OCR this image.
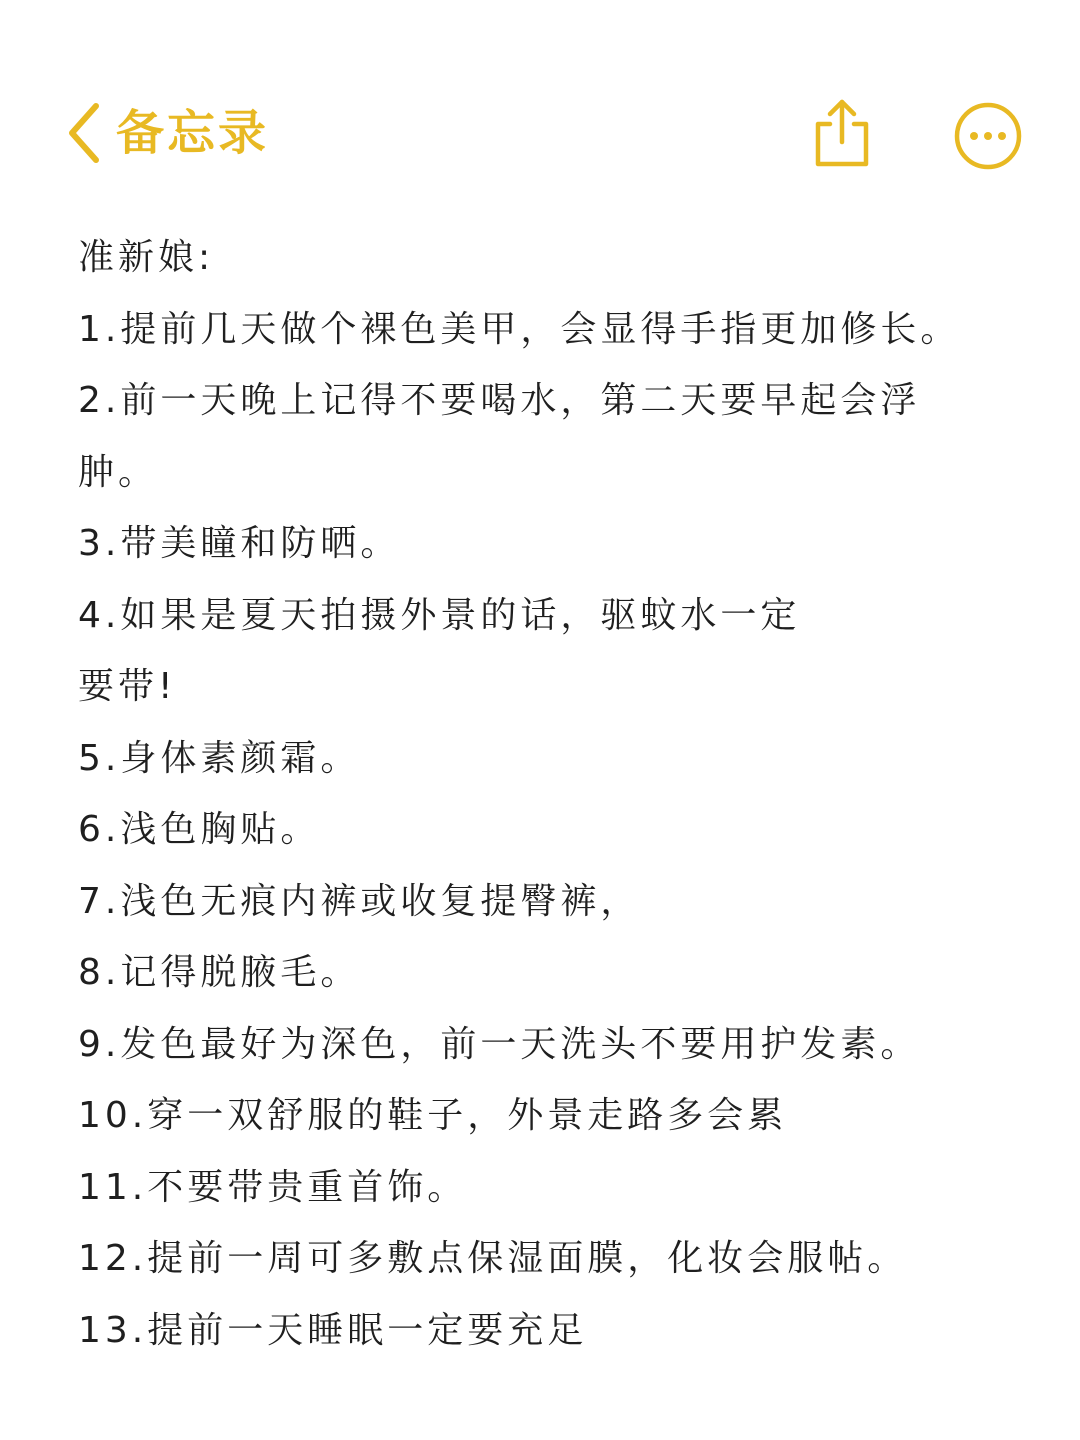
备忘录
准新娘:
1.提前几天做个裸色美甲，会显得手指更加修长。
2.前一天晚上记得不要喝水，第二天要早起会浮
肿。
3.带美瞳和防晒。
4.如果是夏天拍摄外景的话，驱蚊水一定
要带!
5.身体素颜霜。
6.浅色胸贴。
7.浅色无痕内裤或收复提臀裤，
8.记得脱腋毛。
9.发色最好为深色，前一天洗头不要用护发素。
10.穿一双舒服的鞋子，外景走路多会累
11.不要带贵重首饰。
12.提前一周可多敷点保湿面膜，化妆会服帖。
13.提前一天睡眠一定要充足
